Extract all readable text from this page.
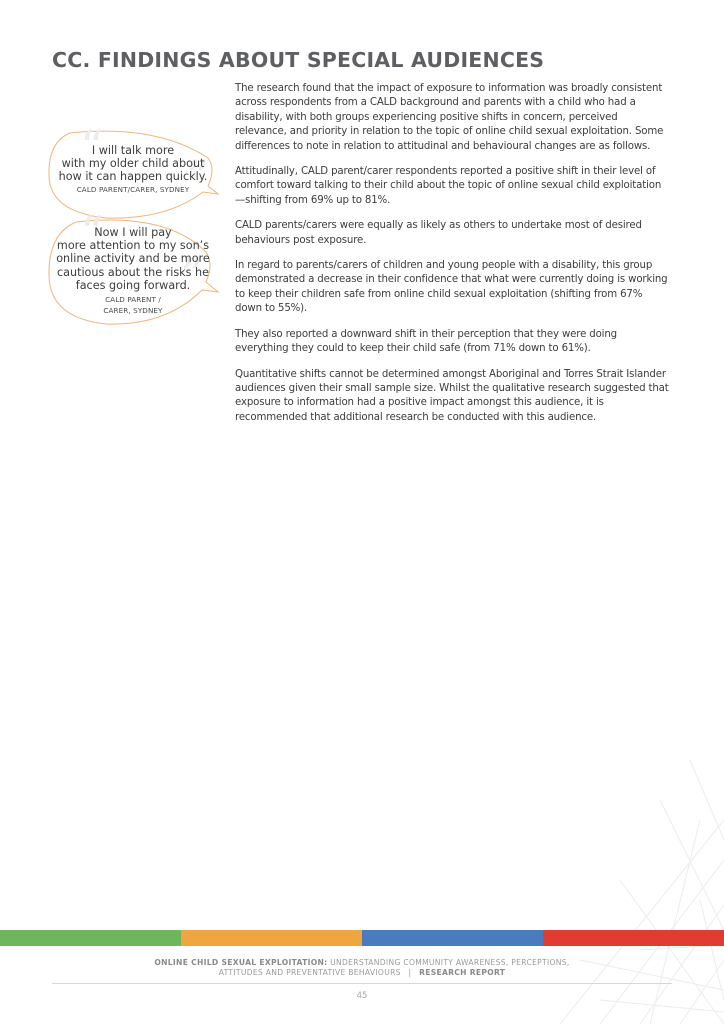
CC. FINDINGS ABOUT SPECIAL AUDIENCES
“
”
I will talk more
with my older child about
how it can happen quickly.
CALD PARENT/CARER, SYDNEY
“
”
Now I will pay
more attention to my son’s
online activity and be more
cautious about the risks he
faces going forward.
CALD PARENT /
CARER, SYDNEY

The research found that the impact of exposure to information was broadly consistent across respondents from a CALD background and parents with a child who had a disability, with both groups experiencing positive shifts in concern, perceived relevance, and priority in relation to the topic of online child sexual exploitation. Some differences to note in relation to attitudinal and behavioural changes are as follows.

Attitudinally, CALD parent/carer respondents reported a positive shift in their level of comfort toward talking to their child about the topic of online sexual child exploitation—shifting from 69% up to 81%.

CALD parents/carers were equally as likely as others to undertake most of desired behaviours post exposure.

In regard to parents/carers of children and young people with a disability, this group demonstrated a decrease in their confidence that what were currently doing is working to keep their children safe from online child sexual exploitation (shifting from 67% down to 55%).

They also reported a downward shift in their perception that they were doing everything they could to keep their child safe (from 71% down to 61%).

Quantitative shifts cannot be determined amongst Aboriginal and Torres Strait Islander audiences given their small sample size. Whilst the qualitative research suggested that exposure to information had a positive impact amongst this audience, it is recommended that additional research be conducted with this audience.

ONLINE CHILD SEXUAL EXPLOITATION: UNDERSTANDING COMMUNITY AWARENESS, PERCEPTIONS,
ATTITUDES AND PREVENTATIVE BEHAVIOURS | RESEARCH REPORT
45
